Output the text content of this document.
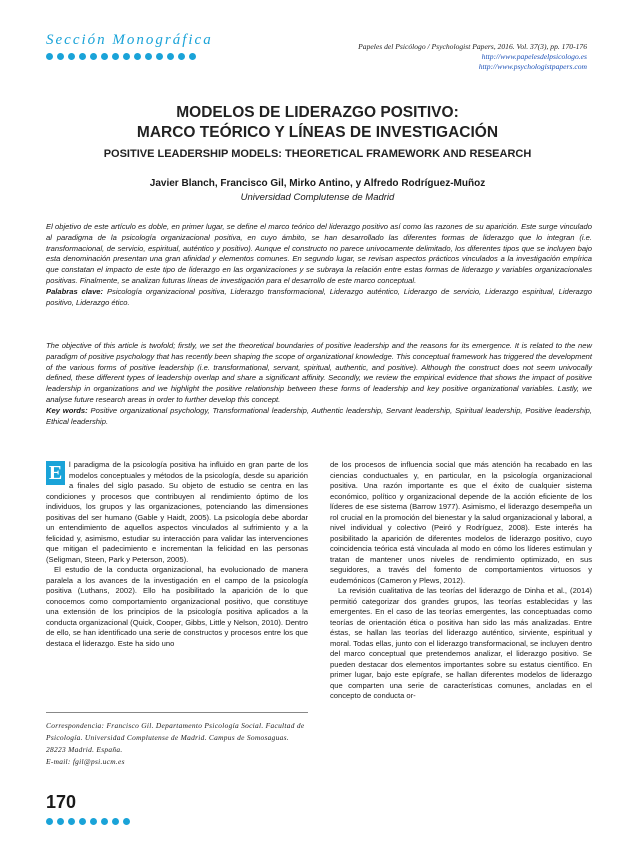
Sección Monográfica	Papeles del Psicólogo / Psychologist Papers, 2016. Vol. 37(3), pp. 170-176
http://www.papelesdelpsicologo.es
http://www.psychologistpapers.com
MODELOS DE LIDERAZGO POSITIVO:
MARCO TEÓRICO Y LÍNEAS DE INVESTIGACIÓN
POSITIVE LEADERSHIP MODELS: THEORETICAL FRAMEWORK AND RESEARCH
Javier Blanch, Francisco Gil, Mirko Antino, y Alfredo Rodríguez-Muñoz
Universidad Complutense de Madrid
El objetivo de este artículo es doble, en primer lugar, se define el marco teórico del liderazgo positivo así como las razones de su aparición. Este surge vinculado al paradigma de la psicología organizacional positiva, en cuyo ámbito, se han desarrollado las diferentes formas de liderazgo que lo integran (i.e. transformacional, de servicio, espiritual, auténtico y positivo). Aunque el constructo no parece univocamente delimitado, los diferentes tipos que se incluyen bajo esta denominación presentan una gran afinidad y elementos comunes. En segundo lugar, se revisan aspectos prácticos vinculados a la investigación empírica que constatan el impacto de este tipo de liderazgo en las organizaciones y se subraya la relación entre estas formas de liderazgo y variables organizacionales positivas. Finalmente, se analizan futuras líneas de investigación para el desarrollo de este marco conceptual.
Palabras clave: Psicología organizacional positiva, Liderazgo transformacional, Liderazgo auténtico, Liderazgo de servicio, Liderazgo espiritual, Liderazgo positivo, Liderazgo ético.
The objective of this article is twofold; firstly, we set the theoretical boundaries of positive leadership and the reasons for its emergence. It is related to the new paradigm of positive psychology that has recently been shaping the scope of organizational knowledge. This conceptual framework has triggered the development of the various forms of positive leadership (i.e. transformational, servant, spiritual, authentic, and positive). Although the construct does not seem univocally defined, these different types of leadership overlap and share a significant affinity. Secondly, we review the empirical evidence that shows the impact of positive leadership in organizations and we highlight the positive relationship between these forms of leadership and key positive organizational variables. Lastly, we analyse future research areas in order to further develop this concept.
Key words: Positive organizational psychology, Transformational leadership, Authentic leadership, Servant leadership, Spiritual leadership, Positive leadership, Ethical leadership.

E l paradigma de la psicología positiva ha influido en gran parte de los modelos conceptuales y métodos de la psicología, desde su aparición a finales del siglo pasado. Su objeto de estudio se centra en las condiciones y procesos que contribuyen al rendimiento óptimo de los individuos, los grupos y las organizaciones, potenciando las dimensiones positivas del ser humano (Gable y Haidt, 2005). La psicología debe abordar un entendimiento de aquellos aspectos vinculados al sufrimiento y a la felicidad y, asimismo, estudiar su interacción para validar las intervenciones que mitigan el padecimiento e incrementan la felicidad en las personas (Seligman, Steen, Park y Peterson, 2005).

El estudio de la conducta organizacional, ha evolucionado de manera paralela a los avances de la investigación en el campo de la psicología positiva (Luthans, 2002). Ello ha posibilitado la aparición de lo que conocemos como comportamiento organizacional positivo, que constituye una extensión de los principios de la psicología positiva aplicados a la conducta organizacional (Quick, Cooper, Gibbs, Little y Nelson, 2010). Dentro de ello, se han identificado una serie de constructos y procesos entre los que destaca el liderazgo. Este ha sido uno

de los procesos de influencia social que más atención ha recabado en las ciencias conductuales y, en particular, en la psicología organizacional positiva. Una razón importante es que el éxito de cualquier sistema económico, político y organizacional depende de la acción eficiente de los líderes de ese sistema (Barrow 1977). Asimismo, el liderazgo desempeña un rol crucial en la promoción del bienestar y la salud organizacional y laboral, a nivel individual y colectivo (Peiró y Rodríguez, 2008). Este interés ha posibilitado la aparición de diferentes modelos de liderazgo positivo, cuyo coincidencia teórica está vinculada al modo en cómo los líderes estimulan y tratan de mantener unos niveles de rendimiento optimizado, en sus seguidores, a través del fomento de comportamientos virtuosos y eudemónicos (Cameron y Plews, 2012).

La revisión cualitativa de las teorías del liderazgo de Dinha et al., (2014) permitió categorizar dos grandes grupos, las teorías establecidas y las emergentes. En el caso de las teorías emergentes, las conceptuadas como teorías de orientación ética o positiva han sido las más analizadas. Entre éstas, se hallan las teorías del liderazgo auténtico, sirviente, espiritual y moral. Todas ellas, junto con el liderazgo transformacional, se incluyen dentro del marco conceptual que pretendemos analizar, el liderazgo positivo. Se pueden destacar dos elementos importantes sobre su estatus científico. En primer lugar, bajo este epígrafe, se hallan diferentes modelos de liderazgo que comparten una serie de características comunes, ancladas en el concepto de conducta or-

Correspondencia: Francisco Gil. Departamento Psicología Social. Facultad de Psicología. Universidad Complutense de Madrid. Campus de Somosaguas. 28223 Madrid. España.
E-mail: fgil@psi.ucm.es
170
